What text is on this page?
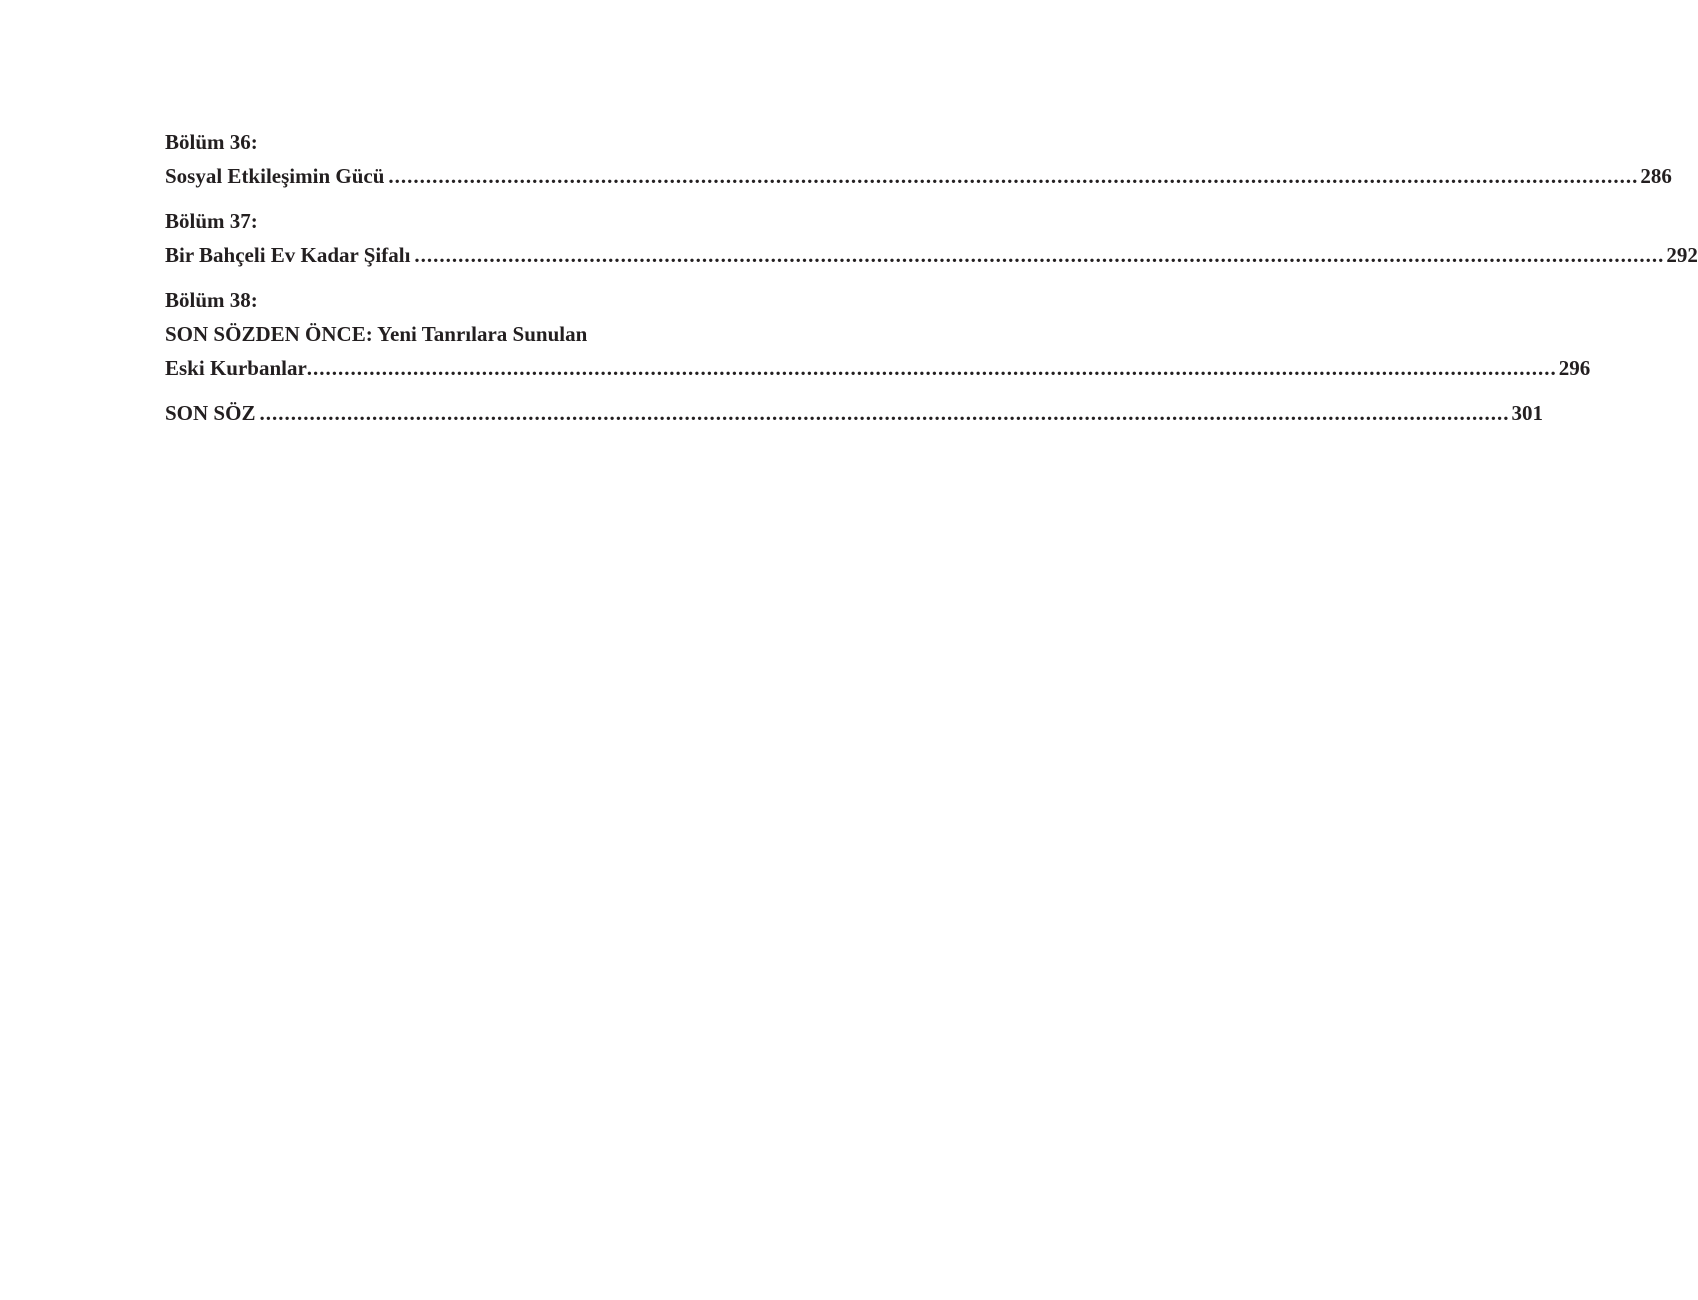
Bölüm 36:
Sosyal Etkileşimin Gücü ........................................................................................................................................................................................................ 286
Bölüm 37:
Bir Bahçeli Ev Kadar Şifalı ........................................................................................................................................................................................................ 292
Bölüm 38:
SON SÖZDEN ÖNCE: Yeni Tanrılara Sunulan
Eski Kurbanlar ........................................................................................................................................................................................................ 296
SON SÖZ ........................................................................................................................................................................................................ 301
